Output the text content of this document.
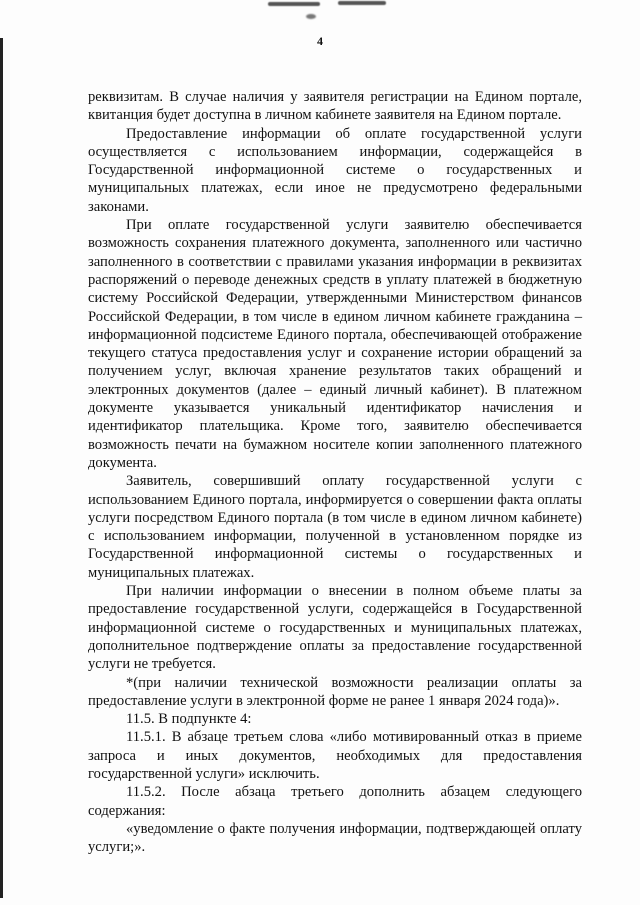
4

реквизитам. В случае наличия у заявителя регистрации на Едином портале, квитанция будет доступна в личном кабинете заявителя на Едином портале.

Предоставление информации об оплате государственной услуги осуществляется с использованием информации, содержащейся в Государственной информационной системе о государственных и муниципальных платежах, если иное не предусмотрено федеральными законами.

При оплате государственной услуги заявителю обеспечивается возможность сохранения платежного документа, заполненного или частично заполненного в соответствии с правилами указания информации в реквизитах распоряжений о переводе денежных средств в уплату платежей в бюджетную систему Российской Федерации, утвержденными Министерством финансов Российской Федерации, в том числе в едином личном кабинете гражданина – информационной подсистеме Единого портала, обеспечивающей отображение текущего статуса предоставления услуг и сохранение истории обращений за получением услуг, включая хранение результатов таких обращений и электронных документов (далее – единый личный кабинет). В платежном документе указывается уникальный идентификатор начисления и идентификатор плательщика. Кроме того, заявителю обеспечивается возможность печати на бумажном носителе копии заполненного платежного документа.

Заявитель, совершивший оплату государственной услуги с использованием Единого портала, информируется о совершении факта оплаты услуги посредством Единого портала (в том числе в едином личном кабинете) с использованием информации, полученной в установленном порядке из Государственной информационной системы о государственных и муниципальных платежах.

При наличии информации о внесении в полном объеме платы за предоставление государственной услуги, содержащейся в Государственной информационной системе о государственных и муниципальных платежах, дополнительное подтверждение оплаты за предоставление государственной услуги не требуется.

*(при наличии технической возможности реализации оплаты за предоставление услуги в электронной форме не ранее 1 января 2024 года)».

11.5. В подпункте 4:

11.5.1. В абзаце третьем слова «либо мотивированный отказ в приеме запроса и иных документов, необходимых для предоставления государственной услуги» исключить.

11.5.2. После абзаца третьего дополнить абзацем следующего содержания:

«уведомление о факте получения информации, подтверждающей оплату услуги;».
